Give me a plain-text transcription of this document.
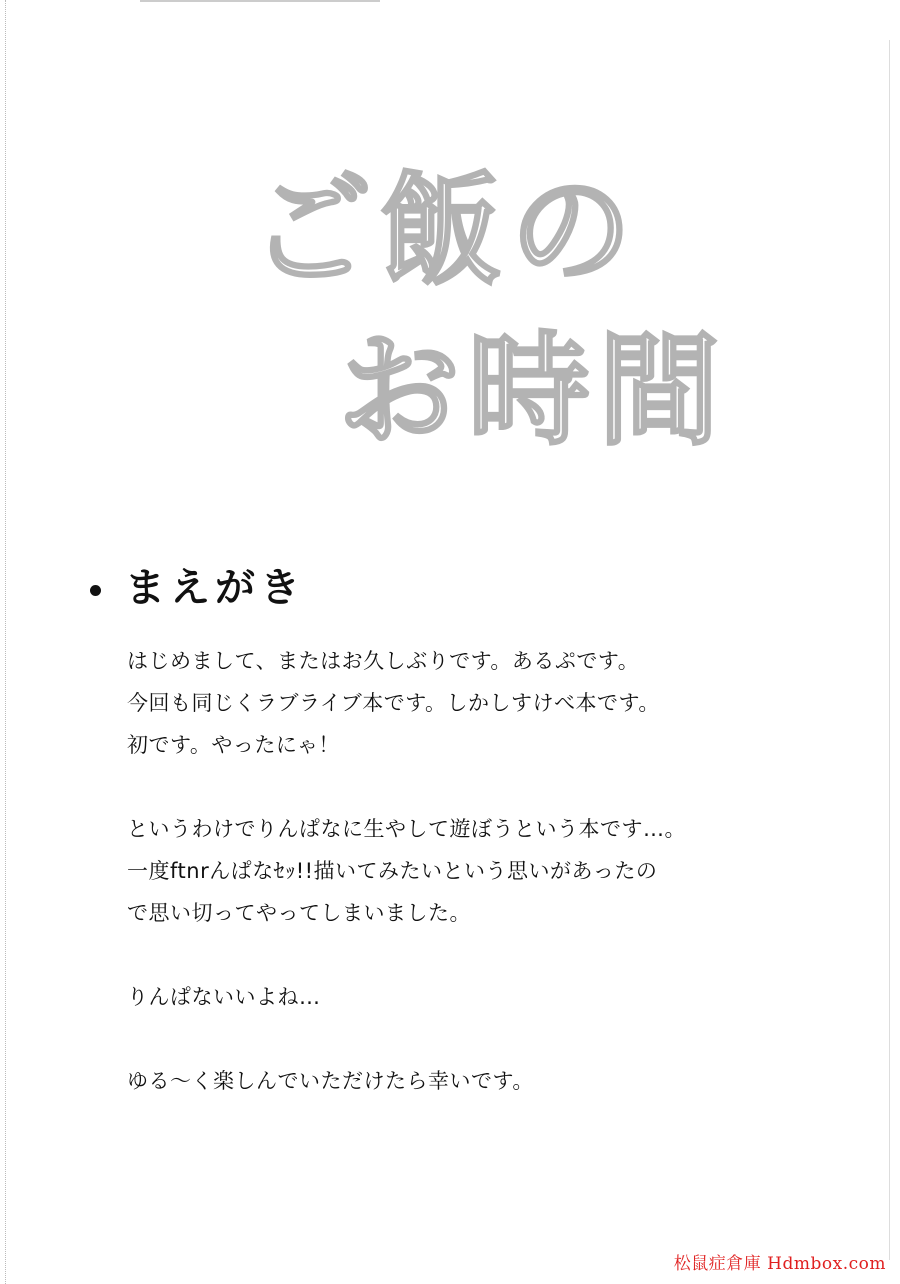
ご飯の
お時間
まえがき

はじめまして、またはお久しぶりです。あるぷです。
今回も同じくラブライブ本です。しかしすけべ本です。
初です。やったにゃ！

というわけでりんぱなに生やして遊ぼうという本です…。
一度ftnrんぱなｾｯ!!描いてみたいという思いがあったの
で思い切ってやってしまいました。

りんぱないいよね…

ゆる～く楽しんでいただけたら幸いです。

松鼠症倉庫 Hdmbox.com
